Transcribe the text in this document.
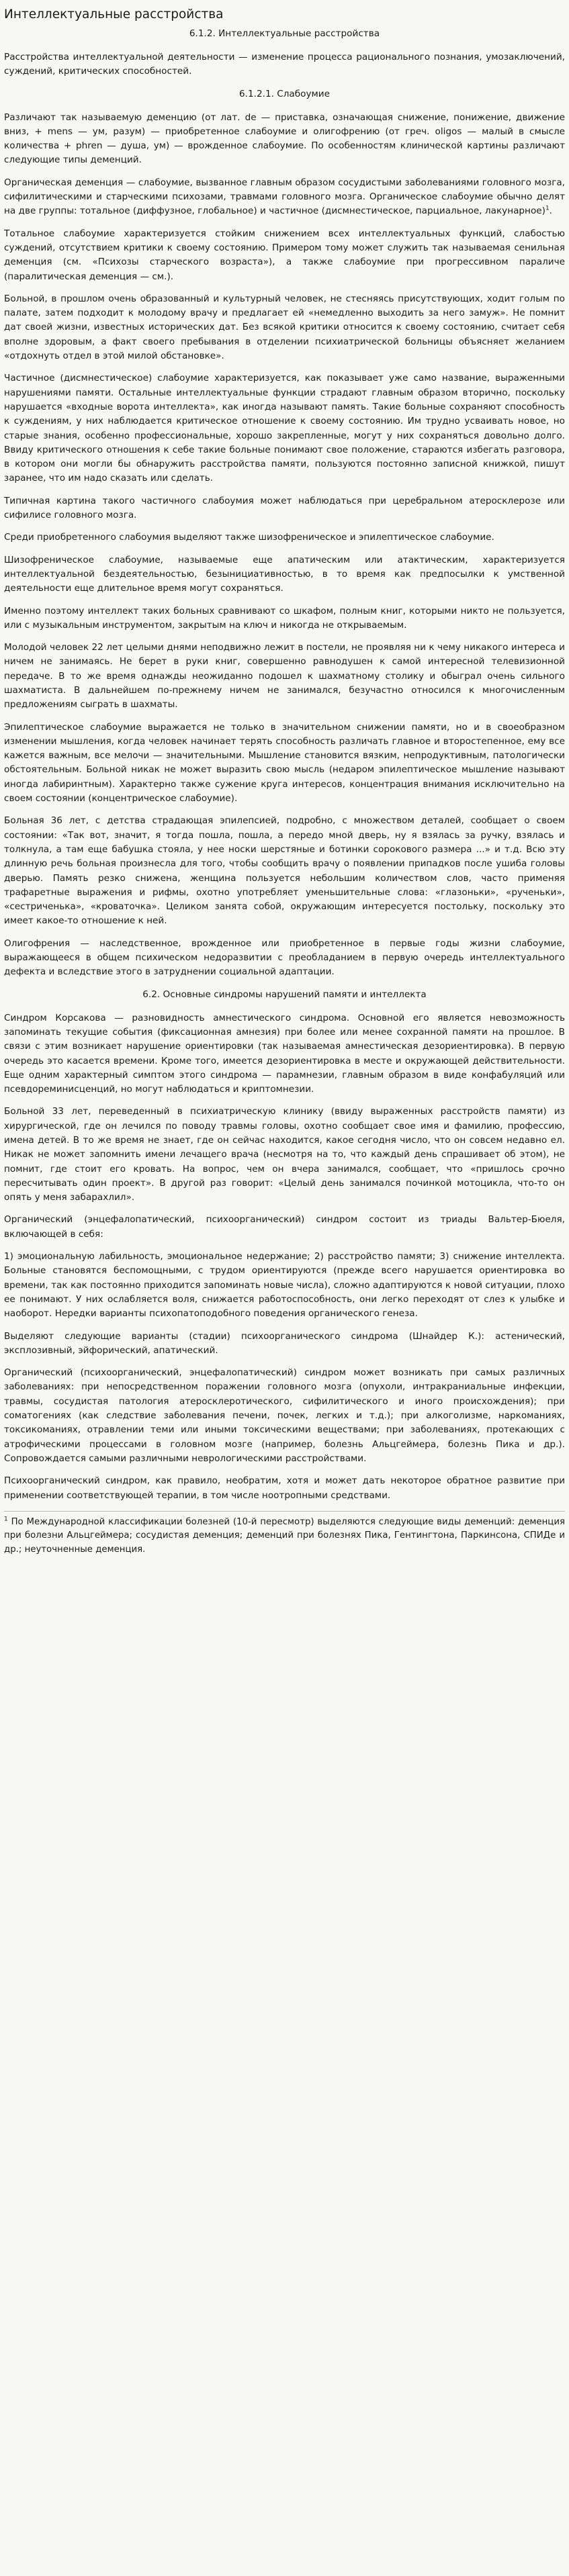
Интеллектуальные расстройства
6.1.2. Интеллектуальные расстройства

Расстройства интеллектуальной деятельности — изменение процесса рационального познания, умозаключений, суждений, критических способностей.

6.1.2.1. Слабоумие

Различают так называемую деменцию (от лат. de — приставка, означающая снижение, понижение, движение вниз, + mens — ум, разум) — приобретенное слабоумие и олигофрению (от греч. oligos — малый в смысле количества + phren — душа, ум) — врожденное слабоумие. По особенностям клинической картины различают следующие типы деменций.

Органическая деменция — слабоумие, вызванное главным образом сосудистыми заболеваниями головного мозга, сифилитическими и старческими психозами, травмами головного мозга. Органическое слабоумие обычно делят на две группы: тотальное (диффузное, глобальное) и частичное (дисмнестическое, парциальное, лакунарное)$^1$.

Тотальное слабоумие характеризуется стойким снижением всех интеллектуальных функций, слабостью суждений, отсутствием критики к своему состоянию. Примером тому может служить так называемая сенильная деменция (см. «Психозы старческого возраста»), а также слабоумие при прогрессивном параличе (паралитическая деменция — см.).

Больной, в прошлом очень образованный и культурный человек, не стесняясь присутствующих, ходит голым по палате, затем подходит к молодому врачу и предлагает ей «немедленно выходить за него замуж». Не помнит дат своей жизни, известных исторических дат. Без всякой критики относится к своему состоянию, считает себя вполне здоровым, а факт своего пребывания в отделении психиатрической больницы объясняет желанием «отдохнуть отдел в этой милой обстановке».

Частичное (дисмнестическое) слабоумие характеризуется, как показывает уже само название, выраженными нарушениями памяти. Остальные интеллектуальные функции страдают главным образом вторично, поскольку нарушается «входные ворота интеллекта», как иногда называют память. Такие больные сохраняют способность к суждениям, у них наблюдается критическое отношение к своему состоянию. Им трудно усваивать новое, но старые знания, особенно профессиональные, хорошо закрепленные, могут у них сохраняться довольно долго. Ввиду критического отношения к себе такие больные понимают свое положение, стараются избегать разговора, в котором они могли бы обнаружить расстройства памяти, пользуются постоянно записной книжкой, пишут заранее, что им надо сказать или сделать.

Типичная картина такого частичного слабоумия может наблюдаться при церебральном атеросклерозе или сифилисе головного мозга.

Среди приобретенного слабоумия выделяют также шизофреническое и эпилептическое слабоумие.

Шизофреническое слабоумие, называемые еще апатическим или атактическим, характеризуется интеллектуальной бездеятельностью, безынициативностью, в то время как предпосылки к умственной деятельности еще длительное время могут сохраняться.

Именно поэтому интеллект таких больных сравнивают со шкафом, полным книг, которыми никто не пользуется, или с музыкальным инструментом, закрытым на ключ и никогда не открываемым.

Молодой человек 22 лет целыми днями неподвижно лежит в постели, не проявляя ни к чему никакого интереса и ничем не занимаясь. Не берет в руки книг, совершенно равнодушен к самой интересной телевизионной передаче. В то же время однажды неожиданно подошел к шахматному столику и обыграл очень сильного шахматиста. В дальнейшем по-прежнему ничем не занимался, безучастно относился к многочисленным предложениям сыграть в шахматы.

Эпилептическое слабоумие выражается не только в значительном снижении памяти, но и в своеобразном изменении мышления, когда человек начинает терять способность различать главное и второстепенное, ему все кажется важным, все мелочи — значительными. Мышление становится вязким, непродуктивным, патологически обстоятельным. Больной никак не может выразить свою мысль (недаром эпилептическое мышление называют иногда лабиринтным). Характерно также сужение круга интересов, концентрация внимания исключительно на своем состоянии (концентрическое слабоумие).

Больная 36 лет, с детства страдающая эпилепсией, подробно, с множеством деталей, сообщает о своем состоянии: «Так вот, значит, я тогда пошла, пошла, а передо мной дверь, ну я взялась за ручку, взялась и толкнула, а там еще бабушка стояла, у нее носки шерстяные и ботинки сорокового размера ...» и т.д. Всю эту длинную речь больная произнесла для того, чтобы сообщить врачу о появлении припадков после ушиба головы дверью. Память резко снижена, женщина пользуется небольшим количеством слов, часто применяя трафаретные выражения и рифмы, охотно употребляет уменьшительные слова: «глазоньки», «рученьки», «сестриченька», «кроваточка». Целиком занята собой, окружающим интересуется постольку, поскольку это имеет какое-то отношение к ней.

Олигофрения — наследственное, врожденное или приобретенное в первые годы жизни слабоумие, выражающееся в общем психическом недоразвитии с преобладанием в первую очередь интеллектуального дефекта и вследствие этого в затруднении социальной адаптации.

6.2. Основные синдромы нарушений памяти и интеллекта

Синдром Корсакова — разновидность амнестического синдрома. Основной его является невозможность запоминать текущие события (фиксационная амнезия) при более или менее сохранной памяти на прошлое. В связи с этим возникает нарушение ориентировки (так называемая амнестическая дезориентировка). В первую очередь это касается времени. Кроме того, имеется дезориентировка в месте и окружающей действительности. Еще одним характерный симптом этого синдрома — парамнезии, главным образом в виде конфабуляций или псевдореминисценций, но могут наблюдаться и криптомнезии.

Больной 33 лет, переведенный в психиатрическую клинику (ввиду выраженных расстройств памяти) из хирургической, где он лечился по поводу травмы головы, охотно сообщает свое имя и фамилию, профессию, имена детей. В то же время не знает, где он сейчас находится, какое сегодня число, что он совсем недавно ел. Никак не может запомнить имени лечащего врача (несмотря на то, что каждый день спрашивает об этом), не помнит, где стоит его кровать. На вопрос, чем он вчера занимался, сообщает, что «пришлось срочно пересчитывать один проект». В другой раз говорит: «Целый день занимался починкой мотоцикла, что-то он опять у меня забарахлил».

Органический (энцефалопатический, психоорганический) синдром состоит из триады Вальтер-Бюеля, включающей в себя:

1) эмоциональную лабильность, эмоциональное недержание; 2) расстройство памяти; 3) снижение интеллекта. Больные становятся беспомощными, с трудом ориентируются (прежде всего нарушается ориентировка во времени, так как постоянно приходится запоминать новые числа), сложно адаптируются к новой ситуации, плохо ее понимают. У них ослабляется воля, снижается работоспособность, они легко переходят от слез к улыбке и наоборот. Нередки варианты психопатоподобного поведения органического генеза.

Выделяют следующие варианты (стадии) психоорганического синдрома (Шнайдер К.): астенический, эксплозивный, эйфорический, апатический.

Органический (психоорганический, энцефалопатический) синдром может возникать при самых различных заболеваниях: при непосредственном поражении головного мозга (опухоли, интракраниальные инфекции, травмы, сосудистая патология атеросклеротического, сифилитического и иного происхождения); при соматогениях (как следствие заболевания печени, почек, легких и т.д.); при алкоголизме, наркоманиях, токсикоманиях, отравлении теми или иными токсическими веществами; при заболеваниях, протекающих с атрофическими процессами в головном мозге (например, болезнь Альцгеймера, болезнь Пика и др.). Сопровождается самыми различными неврологическими расстройствами.

Психоорганический синдром, как правило, необратим, хотя и может дать некоторое обратное развитие при применении соответствующей терапии, в том числе ноотропными средствами.

$^1$ По Международной классификации болезней (10-й пересмотр) выделяются следующие виды деменций: деменция при болезни Альцгеймера; сосудистая деменция; деменций при болезнях Пика, Гентингтона, Паркинсона, СПИДе и др.; неуточненные деменция.
